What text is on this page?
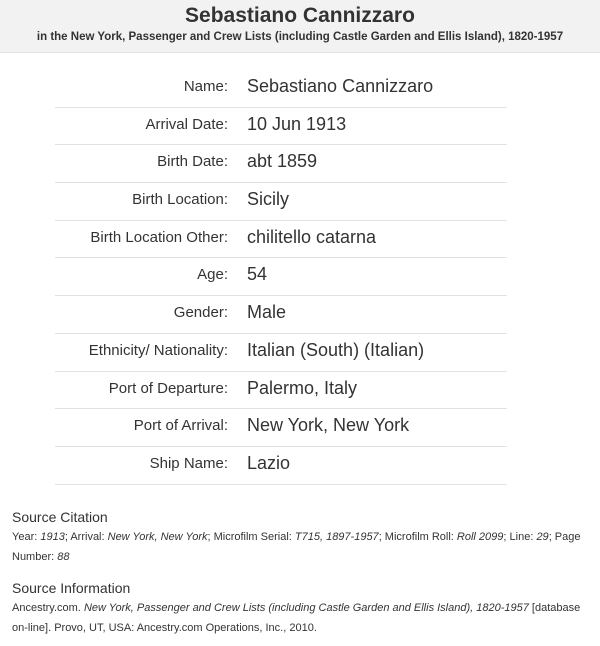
Sebastiano Cannizzaro
in the New York, Passenger and Crew Lists (including Castle Garden and Ellis Island), 1820-1957
Name: Sebastiano Cannizzaro
Arrival Date: 10 Jun 1913
Birth Date: abt 1859
Birth Location: Sicily
Birth Location Other: chilitello catarna
Age: 54
Gender: Male
Ethnicity/ Nationality: Italian (South) (Italian)
Port of Departure: Palermo, Italy
Port of Arrival: New York, New York
Ship Name: Lazio
Source Citation
Year: 1913; Arrival: New York, New York; Microfilm Serial: T715, 1897-1957; Microfilm Roll: Roll 2099; Line: 29; Page Number: 88
Source Information
Ancestry.com. New York, Passenger and Crew Lists (including Castle Garden and Ellis Island), 1820-1957 [database on-line]. Provo, UT, USA: Ancestry.com Operations, Inc., 2010.
